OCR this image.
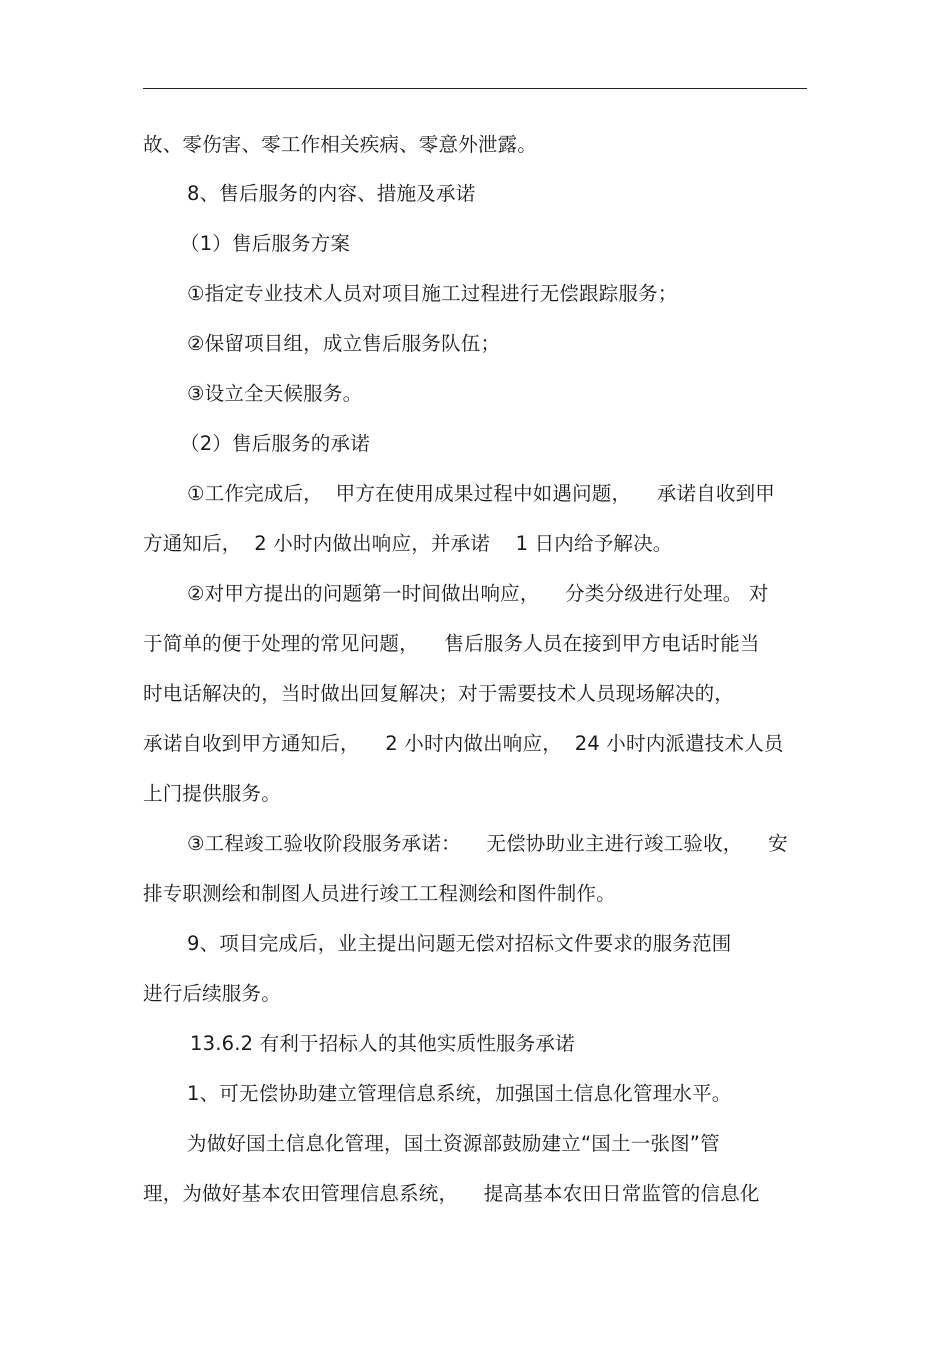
故、零伤害、零工作相关疾病、零意外泄露。
8、售后服务的内容、措施及承诺
（1）售后服务方案
①指定专业技术人员对项目施工过程进行无偿跟踪服务；
②保留项目组，成立售后服务队伍；
③设立全天候服务。
（2）售后服务的承诺
①工作完成后，  甲方在使用成果过程中如遇问题，    承诺自收到甲
方通知后，  2 小时内做出响应，并承诺    1 日内给予解决。
②对甲方提出的问题第一时间做出响应，    分类分级进行处理。 对
于简单的便于处理的常见问题，    售后服务人员在接到甲方电话时能当
时电话解决的，当时做出回复解决；对于需要技术人员现场解决的，
承诺自收到甲方通知后，    2 小时内做出响应，  24 小时内派遣技术人员
上门提供服务。
③工程竣工验收阶段服务承诺：    无偿协助业主进行竣工验收，    安
排专职测绘和制图人员进行竣工工程测绘和图件制作。
9、项目完成后，业主提出问题无偿对招标文件要求的服务范围
进行后续服务。
13.6.2 有利于招标人的其他实质性服务承诺
1、可无偿协助建立管理信息系统，加强国土信息化管理水平。
为做好国土信息化管理，国土资源部鼓励建立“国土一张图”管
理，为做好基本农田管理信息系统，    提高基本农田日常监管的信息化
